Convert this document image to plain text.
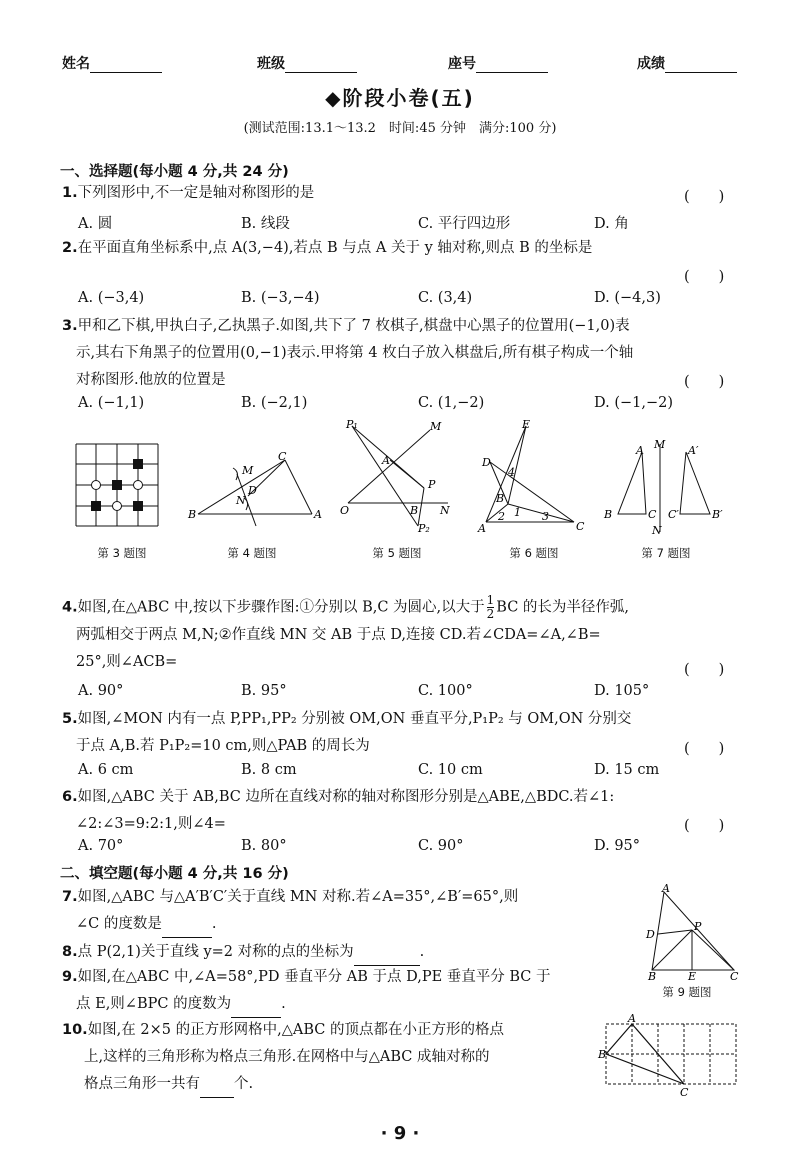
姓名	班级	座号	成绩
◆阶段小卷(五)
(测试范围:13.1～13.2　时间:45 分钟　满分:100 分)
一、选择题(每小题 4 分,共 24 分)
1.下列图形中,不一定是轴对称图形的是	(　　)
A. 圆	B. 线段	C. 平行四边形	D. 角
2.在平面直角坐标系中,点 A(3,−4),若点 B 与点 A 关于 y 轴对称,则点 B 的坐标是
(　　)
A. (−3,4)	B. (−3,−4)	C. (3,4)	D. (−4,3)
3.甲和乙下棋,甲执白子,乙执黑子.如图,共下了 7 枚棋子,棋盘中心黑子的位置用(−1,0)表
示,其右下角黑子的位置用(0,−1)表示.甲将第 4 枚白子放入棋盘后,所有棋子构成一个轴
对称图形.他放的位置是	(　　)
A. (−1,1)	B. (−2,1)	C. (1,−2)	D. (−1,−2)
第 3 题图
C
M
N
D
B	A
第 4 题图
O
P₁	M
A
P
B N
P₂
第 5 题图
E
D
4
B
A	C
2 1 3
第 6 题图
M
A
B	C
N
A′
C′	B′
第 7 题图
4.如图,在△ABC 中,按以下步骤作图:①分别以 B,C 为圆心,以大于 $\frac{1}{2}$ BC 的长为半径作弧,
两弧相交于两点 M,N;②作直线 MN 交 AB 于点 D,连接 CD.若∠CDA=∠A,∠B=
25°,则∠ACB=
(　　)
A. 90°	B. 95°	C. 100°	D. 105°
5.如图,∠MON 内有一点 P,PP₁,PP₂ 分别被 OM,ON 垂直平分,P₁P₂ 与 OM,ON 分别交
于点 A,B.若 P₁P₂=10 cm,则△PAB 的周长为	(　　)
A. 6 cm	B. 8 cm	C. 10 cm	D. 15 cm
6.如图,△ABC 关于 AB,BC 边所在直线对称的轴对称图形分别是△ABE,△BDC.若∠1:
∠2:∠3=9:2:1,则∠4=	(　　)
A. 70°	B. 80°	C. 90°	D. 95°
二、填空题(每小题 4 分,共 16 分)
7.如图,△ABC 与△A′B′C′关于直线 MN 对称.若∠A=35°,∠B′=65°,则
∠C 的度数是	.
8.点 P(2,1)关于直线 y=2 对称的点的坐标为	.
9.如图,在△ABC 中,∠A=58°,PD 垂直平分 AB 于点 D,PE 垂直平分 BC 于
点 E,则∠BPC 的度数为	.
A
D
P
B	E	C
第 9 题图
10.如图,在 2×5 的正方形网格中,△ABC 的顶点都在小正方形的格点
上,这样的三角形称为格点三角形.在网格中与△ABC 成轴对称的
格点三角形一共有 个.
A
B
C
· 9 ·
